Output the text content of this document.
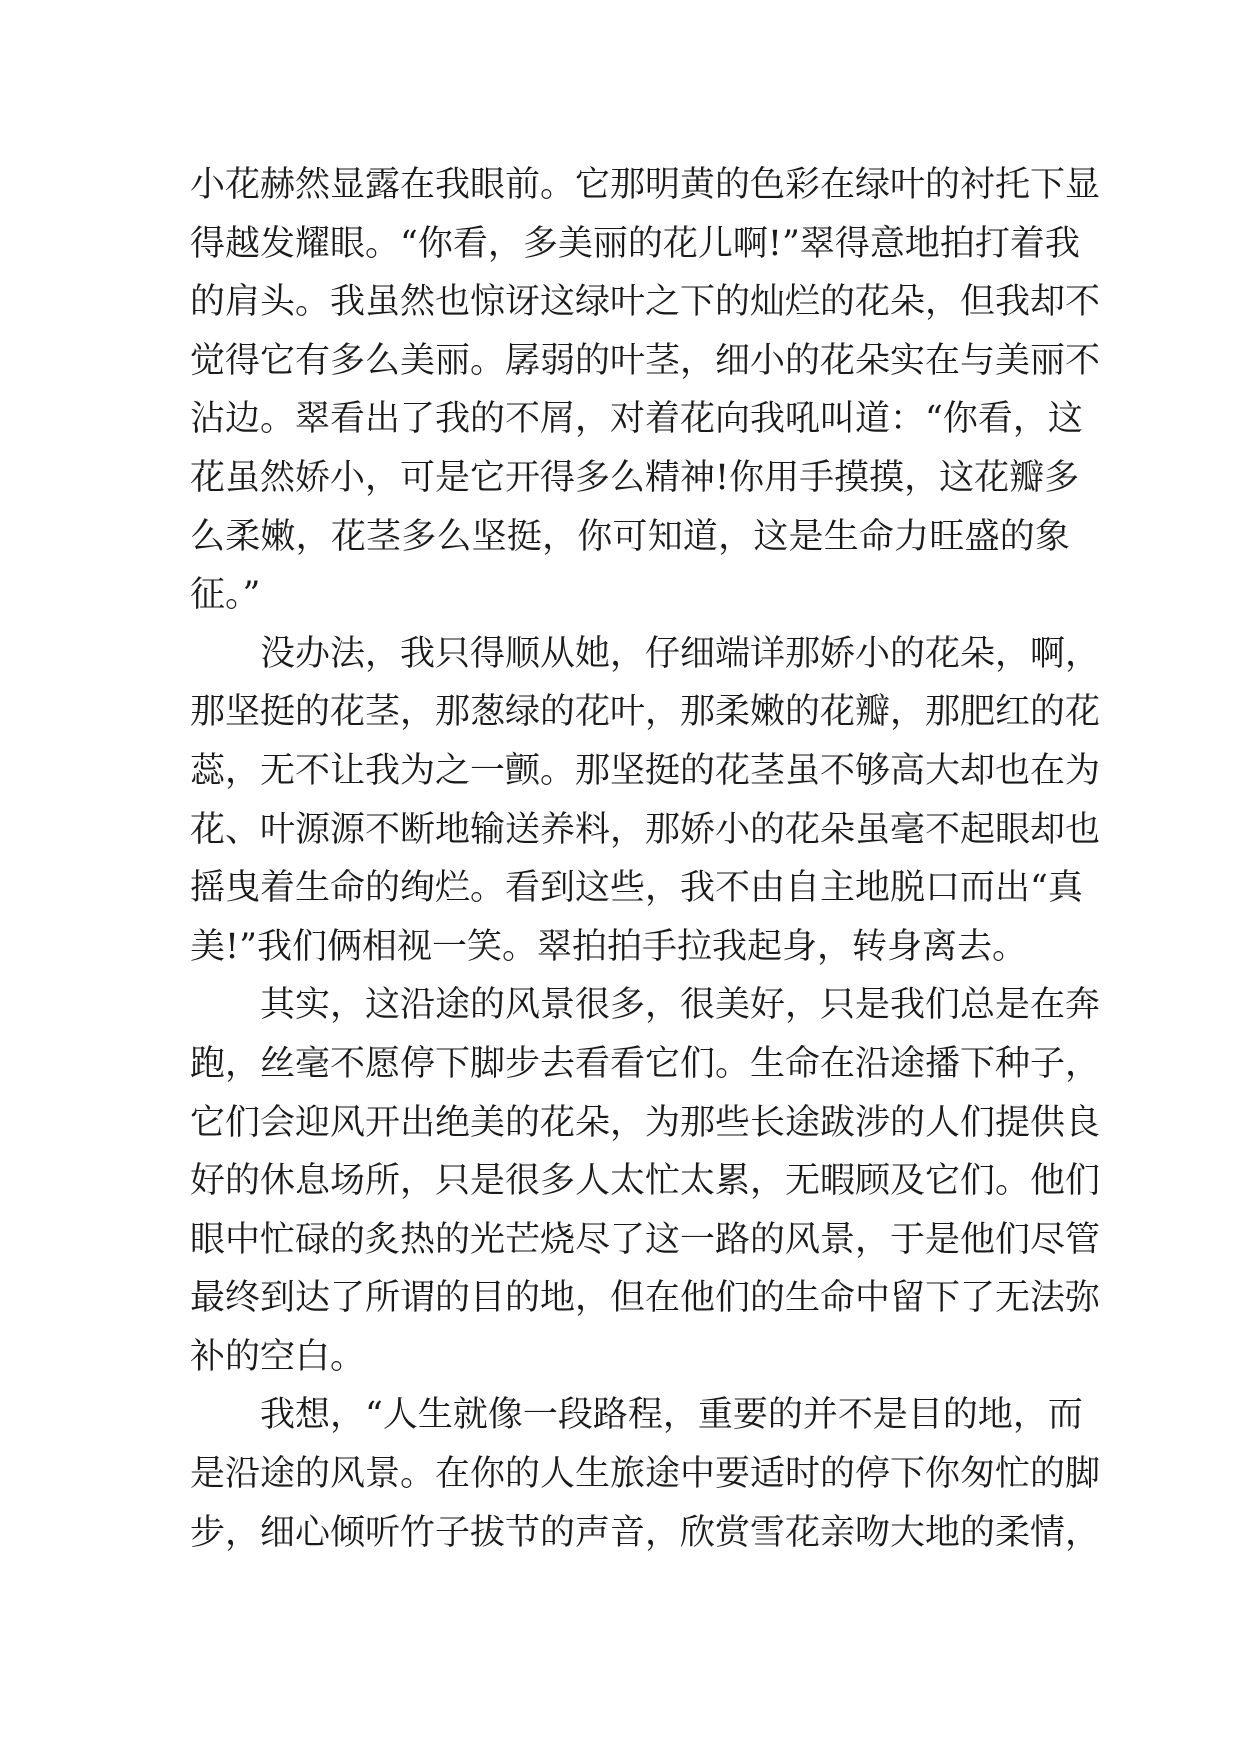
小花赫然显露在我眼前。它那明黄的色彩在绿叶的衬托下显
得越发耀眼。“你看，多美丽的花儿啊!”翠得意地拍打着我
的肩头。我虽然也惊讶这绿叶之下的灿烂的花朵，但我却不
觉得它有多么美丽。孱弱的叶茎，细小的花朵实在与美丽不
沾边。翠看出了我的不屑，对着花向我吼叫道：“你看，这
花虽然娇小，可是它开得多么精神!你用手摸摸，这花瓣多
么柔嫩，花茎多么坚挺，你可知道，这是生命力旺盛的象
征。”
没办法，我只得顺从她，仔细端详那娇小的花朵，啊，
那坚挺的花茎，那葱绿的花叶，那柔嫩的花瓣，那肥红的花
蕊，无不让我为之一颤。那坚挺的花茎虽不够高大却也在为
花、叶源源不断地输送养料，那娇小的花朵虽毫不起眼却也
摇曳着生命的绚烂。看到这些，我不由自主地脱口而出“真
美!”我们俩相视一笑。翠拍拍手拉我起身，转身离去。
其实，这沿途的风景很多，很美好，只是我们总是在奔
跑，丝毫不愿停下脚步去看看它们。生命在沿途播下种子，
它们会迎风开出绝美的花朵，为那些长途跋涉的人们提供良
好的休息场所，只是很多人太忙太累，无暇顾及它们。他们
眼中忙碌的炙热的光芒烧尽了这一路的风景，于是他们尽管
最终到达了所谓的目的地，但在他们的生命中留下了无法弥
补的空白。
我想，“人生就像一段路程，重要的并不是目的地，而
是沿途的风景。在你的人生旅途中要适时的停下你匆忙的脚
步，细心倾听竹子拔节的声音，欣赏雪花亲吻大地的柔情，
